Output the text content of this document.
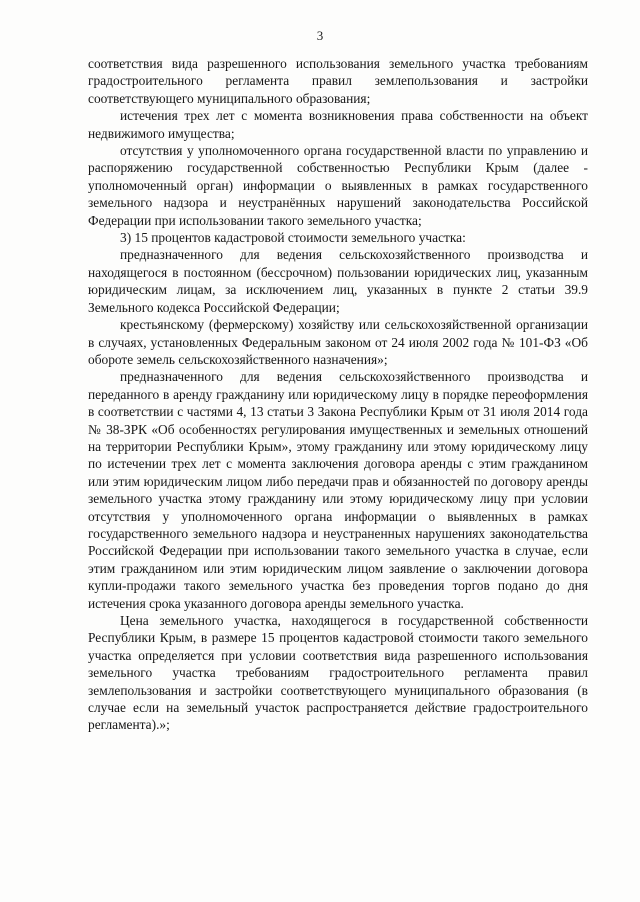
3

соответствия вида разрешенного использования земельного участка требованиям градостроительного регламента правил землепользования и застройки соответствующего муниципального образования;

истечения трех лет с момента возникновения права собственности на объект недвижимого имущества;

отсутствия у уполномоченного органа государственной власти по управлению и распоряжению государственной собственностью Республики Крым (далее - уполномоченный орган) информации о выявленных в рамках государственного земельного надзора и неустранённых нарушений законодательства Российской Федерации при использовании такого земельного участка;

3) 15 процентов кадастровой стоимости земельного участка:

предназначенного для ведения сельскохозяйственного производства и находящегося в постоянном (бессрочном) пользовании юридических лиц, указанным юридическим лицам, за исключением лиц, указанных в пункте 2 статьи 39.9 Земельного кодекса Российской Федерации;

крестьянскому (фермерскому) хозяйству или сельскохозяйственной организации в случаях, установленных Федеральным законом от 24 июля 2002 года № 101-ФЗ «Об обороте земель сельскохозяйственного назначения»;

предназначенного для ведения сельскохозяйственного производства и переданного в аренду гражданину или юридическому лицу в порядке переоформления в соответствии с частями 4, 13 статьи 3 Закона Республики Крым от 31 июля 2014 года № 38-ЗРК «Об особенностях регулирования имущественных и земельных отношений на территории Республики Крым», этому гражданину или этому юридическому лицу по истечении трех лет с момента заключения договора аренды с этим гражданином или этим юридическим лицом либо передачи прав и обязанностей по договору аренды земельного участка этому гражданину или этому юридическому лицу при условии отсутствия у уполномоченного органа информации о выявленных в рамках государственного земельного надзора и неустраненных нарушениях законодательства Российской Федерации при использовании такого земельного участка в случае, если этим гражданином или этим юридическим лицом заявление о заключении договора купли-продажи такого земельного участка без проведения торгов подано до дня истечения срока указанного договора аренды земельного участка.

Цена земельного участка, находящегося в государственной собственности Республики Крым, в размере 15 процентов кадастровой стоимости такого земельного участка определяется при условии соответствия вида разрешенного использования земельного участка требованиям градостроительного регламента правил землепользования и застройки соответствующего муниципального образования (в случае если на земельный участок распространяется действие градостроительного регламента).»;
